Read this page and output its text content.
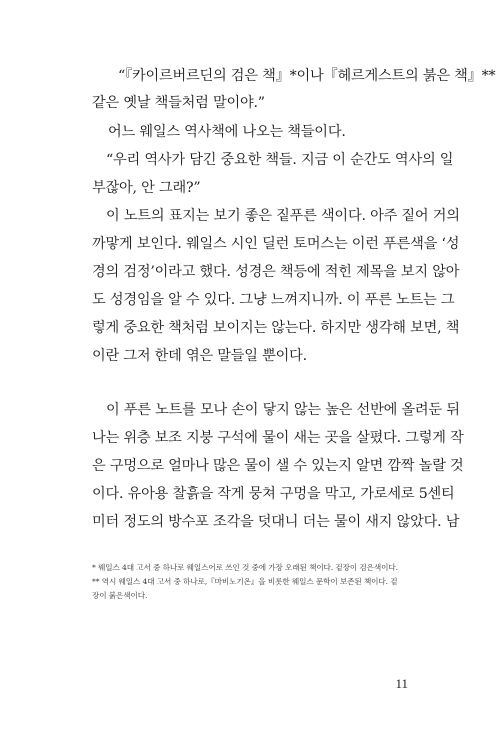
“『카이르버르딘의 검은 책』*이나『헤르게스트의 붉은 책』**
같은 옛날 책들처럼 말이야.”
어느 웨일스 역사책에 나오는 책들이다.
“우리 역사가 담긴 중요한 책들. 지금 이 순간도 역사의 일
부잖아, 안 그래?”
이 노트의 표지는 보기 좋은 짙푸른 색이다. 아주 짙어 거의
까맣게 보인다. 웨일스 시인 딜런 토머스는 이런 푸른색을 ‘성
경의 검정’이라고 했다. 성경은 책등에 적힌 제목을 보지 않아
도 성경임을 알 수 있다. 그냥 느껴지니까. 이 푸른 노트는 그
렇게 중요한 책처럼 보이지는 않는다. 하지만 생각해 보면, 책
이란 그저 한데 엮은 말들일 뿐이다.
이 푸른 노트를 모나 손이 닿지 않는 높은 선반에 올려둔 뒤
나는 위층 보조 지붕 구석에 물이 새는 곳을 살폈다. 그렇게 작
은 구멍으로 얼마나 많은 물이 샐 수 있는지 알면 깜짝 놀랄 것
이다. 유아용 찰흙을 작게 뭉쳐 구멍을 막고, 가로세로 5센티
미터 정도의 방수포 조각을 덧대니 더는 물이 새지 않았다. 남
* 웨일스 4대 고서 중 하나로 웨일스어로 쓰인 것 중에 가장 오래된 책이다. 겉장이 검은색이다.
** 역시 웨일스 4대 고서 중 하나로,『마비노기온』을 비롯한 웨일스 문학이 보존된 책이다. 겉
장이 붉은색이다.
11
